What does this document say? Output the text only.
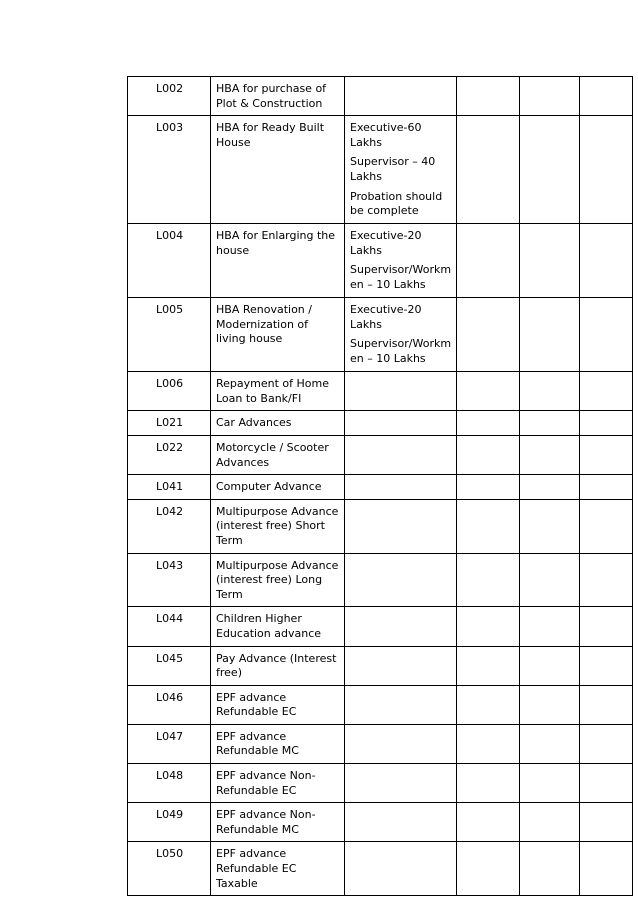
L002	HBA for purchase of Plot & Construction				
L003	HBA for Ready Built House	Executive-60 Lakhs

Supervisor – 40 Lakhs

Probation should be complete			

L004	HBA for Enlarging the house	Executive-20 Lakhs

Supervisor/Workmen – 10 Lakhs			

L005	HBA Renovation / Modernization of living house	Executive-20 Lakhs

Supervisor/Workmen – 10 Lakhs			

L006	Repayment of Home Loan to Bank/FI				
L021	Car Advances				
L022	Motorcycle / Scooter Advances				
L041	Computer Advance				
L042	Multipurpose Advance (interest free) Short Term				
L043	Multipurpose Advance (interest free) Long Term				
L044	Children Higher Education advance				
L045	Pay Advance (Interest free)				
L046	EPF advance Refundable EC				
L047	EPF advance Refundable MC				
L048	EPF advance Non-Refundable EC				
L049	EPF advance Non-Refundable MC				
L050	EPF advance Refundable EC Taxable				
